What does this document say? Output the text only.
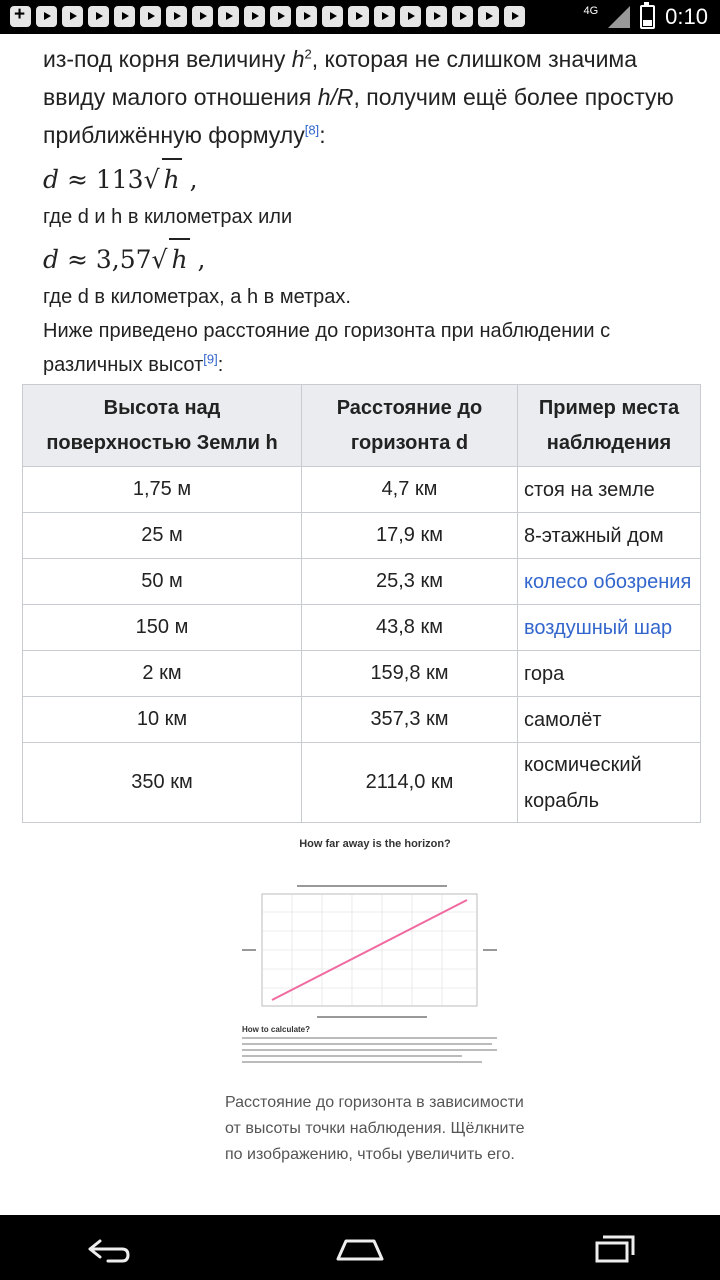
+
4G	0:10

из-под корня величину $h^2$, которая не слишком значима ввиду малого отношения h/R, получим ещё более простую приближённую формулу[8]:

d ≈ 113√ h ,

где d и h в километрах или

d ≈ 3,57√ h ,

где d в километрах, а h в метрах.

Ниже приведено расстояние до горизонта при наблюдении с различных высот[9]:

Высота над поверхностью Земли h	Расстояние до горизонта d	Пример места наблюдения
1,75 м	4,7 км	стоя на земле
25 м	17,9 км	8-этажный дом
50 м	25,3 км	колесо обозрения
150 м	43,8 км	воздушный шар
2 км	159,8 км	гора
10 км	357,3 км	самолёт
350 км	2114,0 км	космический корабль
How far away is the horizon?
How to calculate?
Расстояние до горизонта в зависимости от высоты точки наблюдения. Щёлкните по изображению, чтобы увеличить его.
